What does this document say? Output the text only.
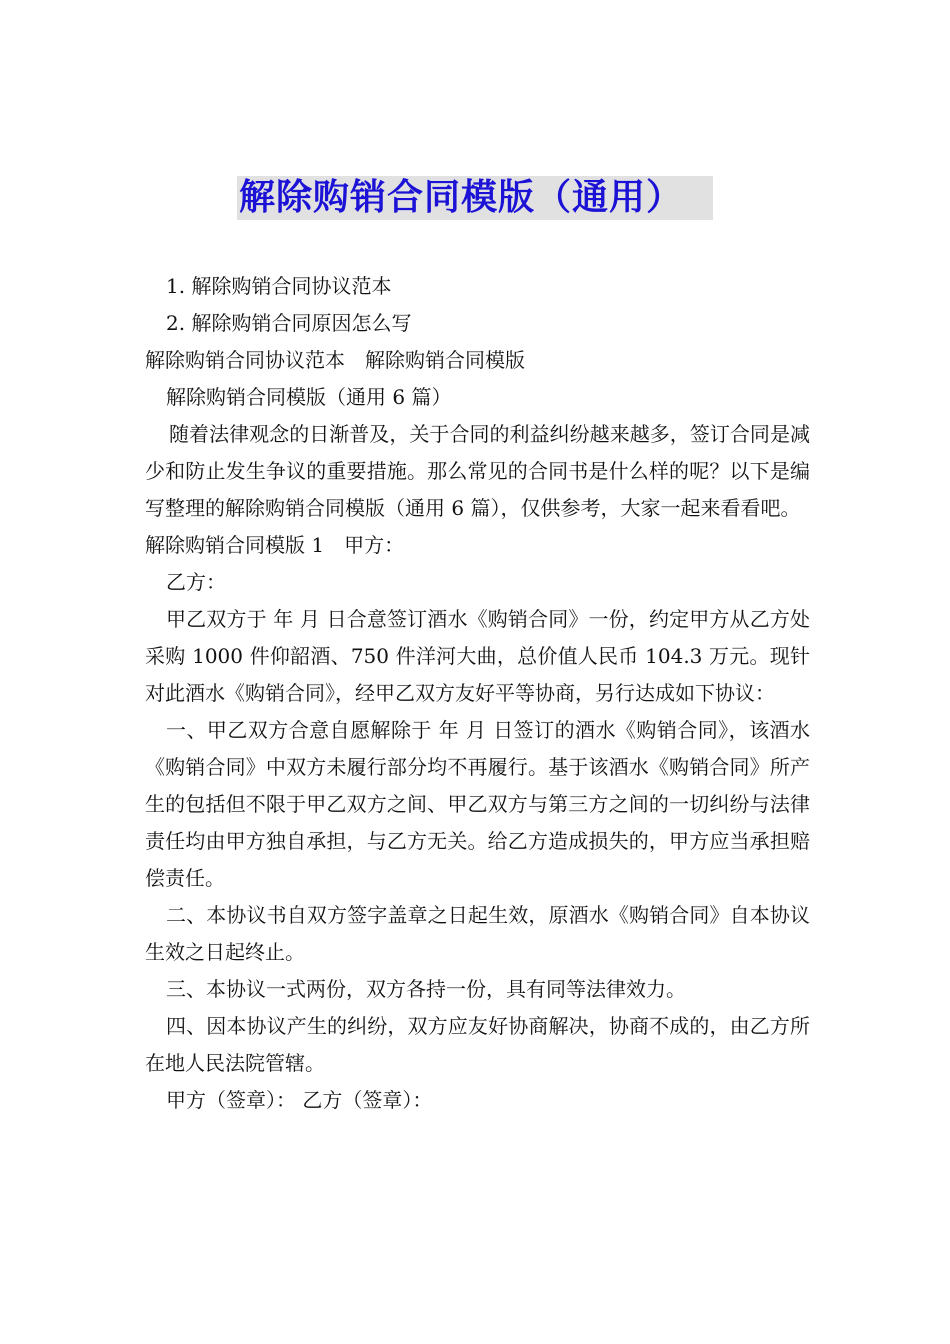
解除购销合同模版（通用）

1. 解除购销合同协议范本

2. 解除购销合同原因怎么写

解除购销合同协议范本 解除购销合同模版

解除购销合同模版（通用 6 篇）

随着法律观念的日渐普及，关于合同的利益纠纷越来越多，签订合同是减少和防止发生争议的重要措施。那么常见的合同书是什么样的呢？以下是编写整理的解除购销合同模版（通用 6 篇），仅供参考，大家一起来看看吧。

解除购销合同模版 1 甲方：

乙方：

甲乙双方于 年 月 日合意签订酒水《购销合同》一份，约定甲方从乙方处采购 1000 件仰韶酒、750 件洋河大曲，总价值人民币 104.3 万元。现针对此酒水《购销合同》，经甲乙双方友好平等协商，另行达成如下协议：

一、甲乙双方合意自愿解除于 年 月 日签订的酒水《购销合同》，该酒水《购销合同》中双方未履行部分均不再履行。基于该酒水《购销合同》所产生的包括但不限于甲乙双方之间、甲乙双方与第三方之间的一切纠纷与法律责任均由甲方独自承担，与乙方无关。给乙方造成损失的，甲方应当承担赔偿责任。

二、本协议书自双方签字盖章之日起生效，原酒水《购销合同》自本协议生效之日起终止。

三、本协议一式两份，双方各持一份，具有同等法律效力。

四、因本协议产生的纠纷，双方应友好协商解决，协商不成的，由乙方所在地人民法院管辖。

甲方（签章）： 乙方（签章）：
